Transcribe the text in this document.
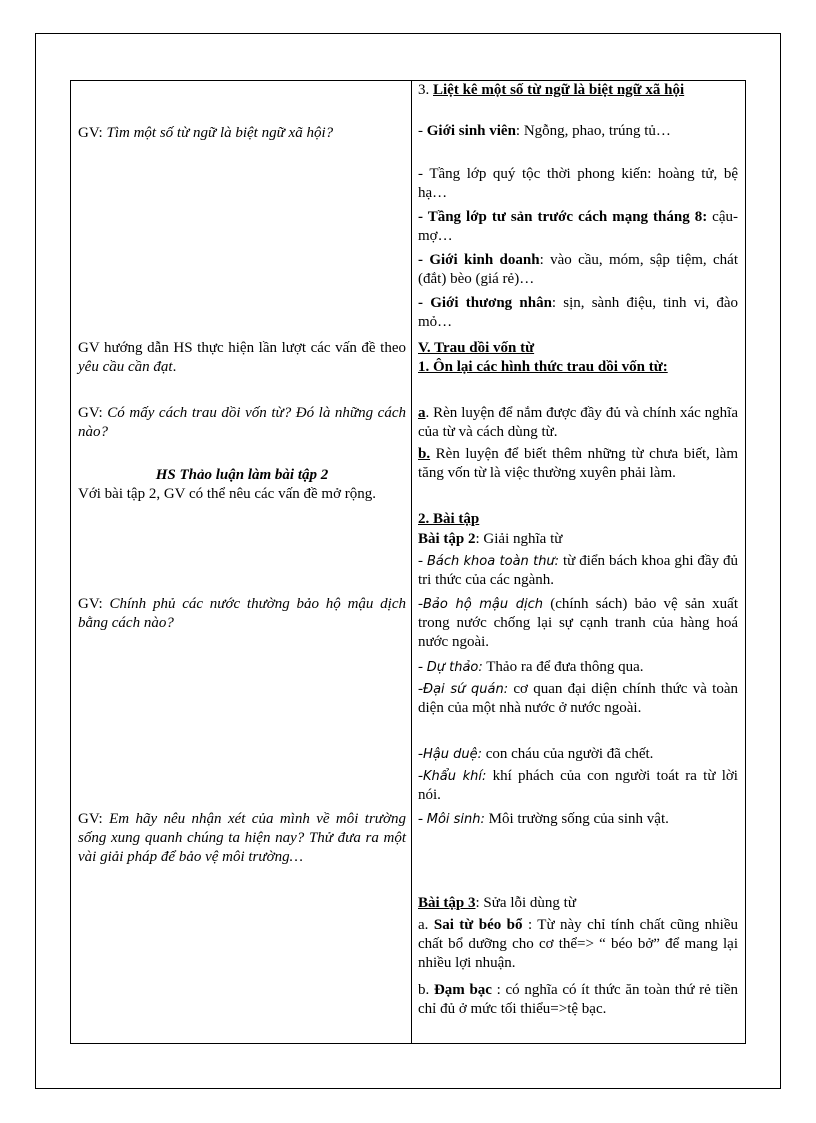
GV: Tìm một số từ ngữ là biệt ngữ xã hội?
GV hướng dẫn HS thực hiện lần lượt các vấn đề theo yêu cầu cần đạt.
GV: Có mấy cách trau dồi vốn từ? Đó là những cách nào?
HS Thảo luận làm bài tập 2
Với bài tập 2, GV có thể nêu các vấn đề mở rộng.
GV: Chính phủ các nước thường bảo hộ mậu dịch bằng cách nào?
GV: Em hãy nêu nhận xét của mình về môi trường sống xung quanh chúng ta hiện nay? Thử đưa ra một vài giải pháp để bảo vệ môi trường…
3. Liệt kê một số từ ngữ là biệt ngữ xã hội
- Giới sinh viên: Ngỗng, phao, trúng tủ…
- Tầng lớp quý tộc thời phong kiến: hoàng tử, bệ hạ…
- Tầng lớp tư sản trước cách mạng tháng 8: cậu-mợ…
- Giới kinh doanh: vào cầu, móm, sập tiệm, chát (đắt) bèo (giá rẻ)…
- Giới thương nhân: sịn, sành điệu, tinh vi, đào mỏ…
V. Trau dồi vốn từ
1. Ôn lại các hình thức trau dồi vốn từ:
a. Rèn luyện để nắm được đầy đủ và chính xác nghĩa của từ và cách dùng từ.
b. Rèn luyện để biết thêm những từ chưa biết, làm tăng vốn từ là việc thường xuyên phải làm.
2. Bài tập
Bài tập 2: Giải nghĩa từ
- Bách khoa toàn thư: từ điển bách khoa ghi đầy đủ tri thức của các ngành.
-Bảo hộ mậu dịch (chính sách) bảo vệ sản xuất trong nước chống lại sự cạnh tranh của hàng hoá nước ngoài.
- Dự thảo: Thảo ra để đưa thông qua.
-Đại sứ quán: cơ quan đại diện chính thức và toàn diện của một nhà nước ở nước ngoài.
-Hậu duệ: con cháu của người đã chết.
-Khẩu khí: khí phách của con người toát ra từ lời nói.
- Môi sinh: Môi trường sống của sinh vật.
Bài tập 3: Sửa lỗi dùng từ
a. Sai từ béo bổ : Từ này chỉ tính chất cũng nhiều chất bổ dưỡng cho cơ thể=> “ béo bở” để mang lại nhiều lợi nhuận.
b. Đạm bạc : có nghĩa có ít thức ăn toàn thứ rẻ tiền chỉ đủ ở mức tối thiểu=>tệ bạc.
